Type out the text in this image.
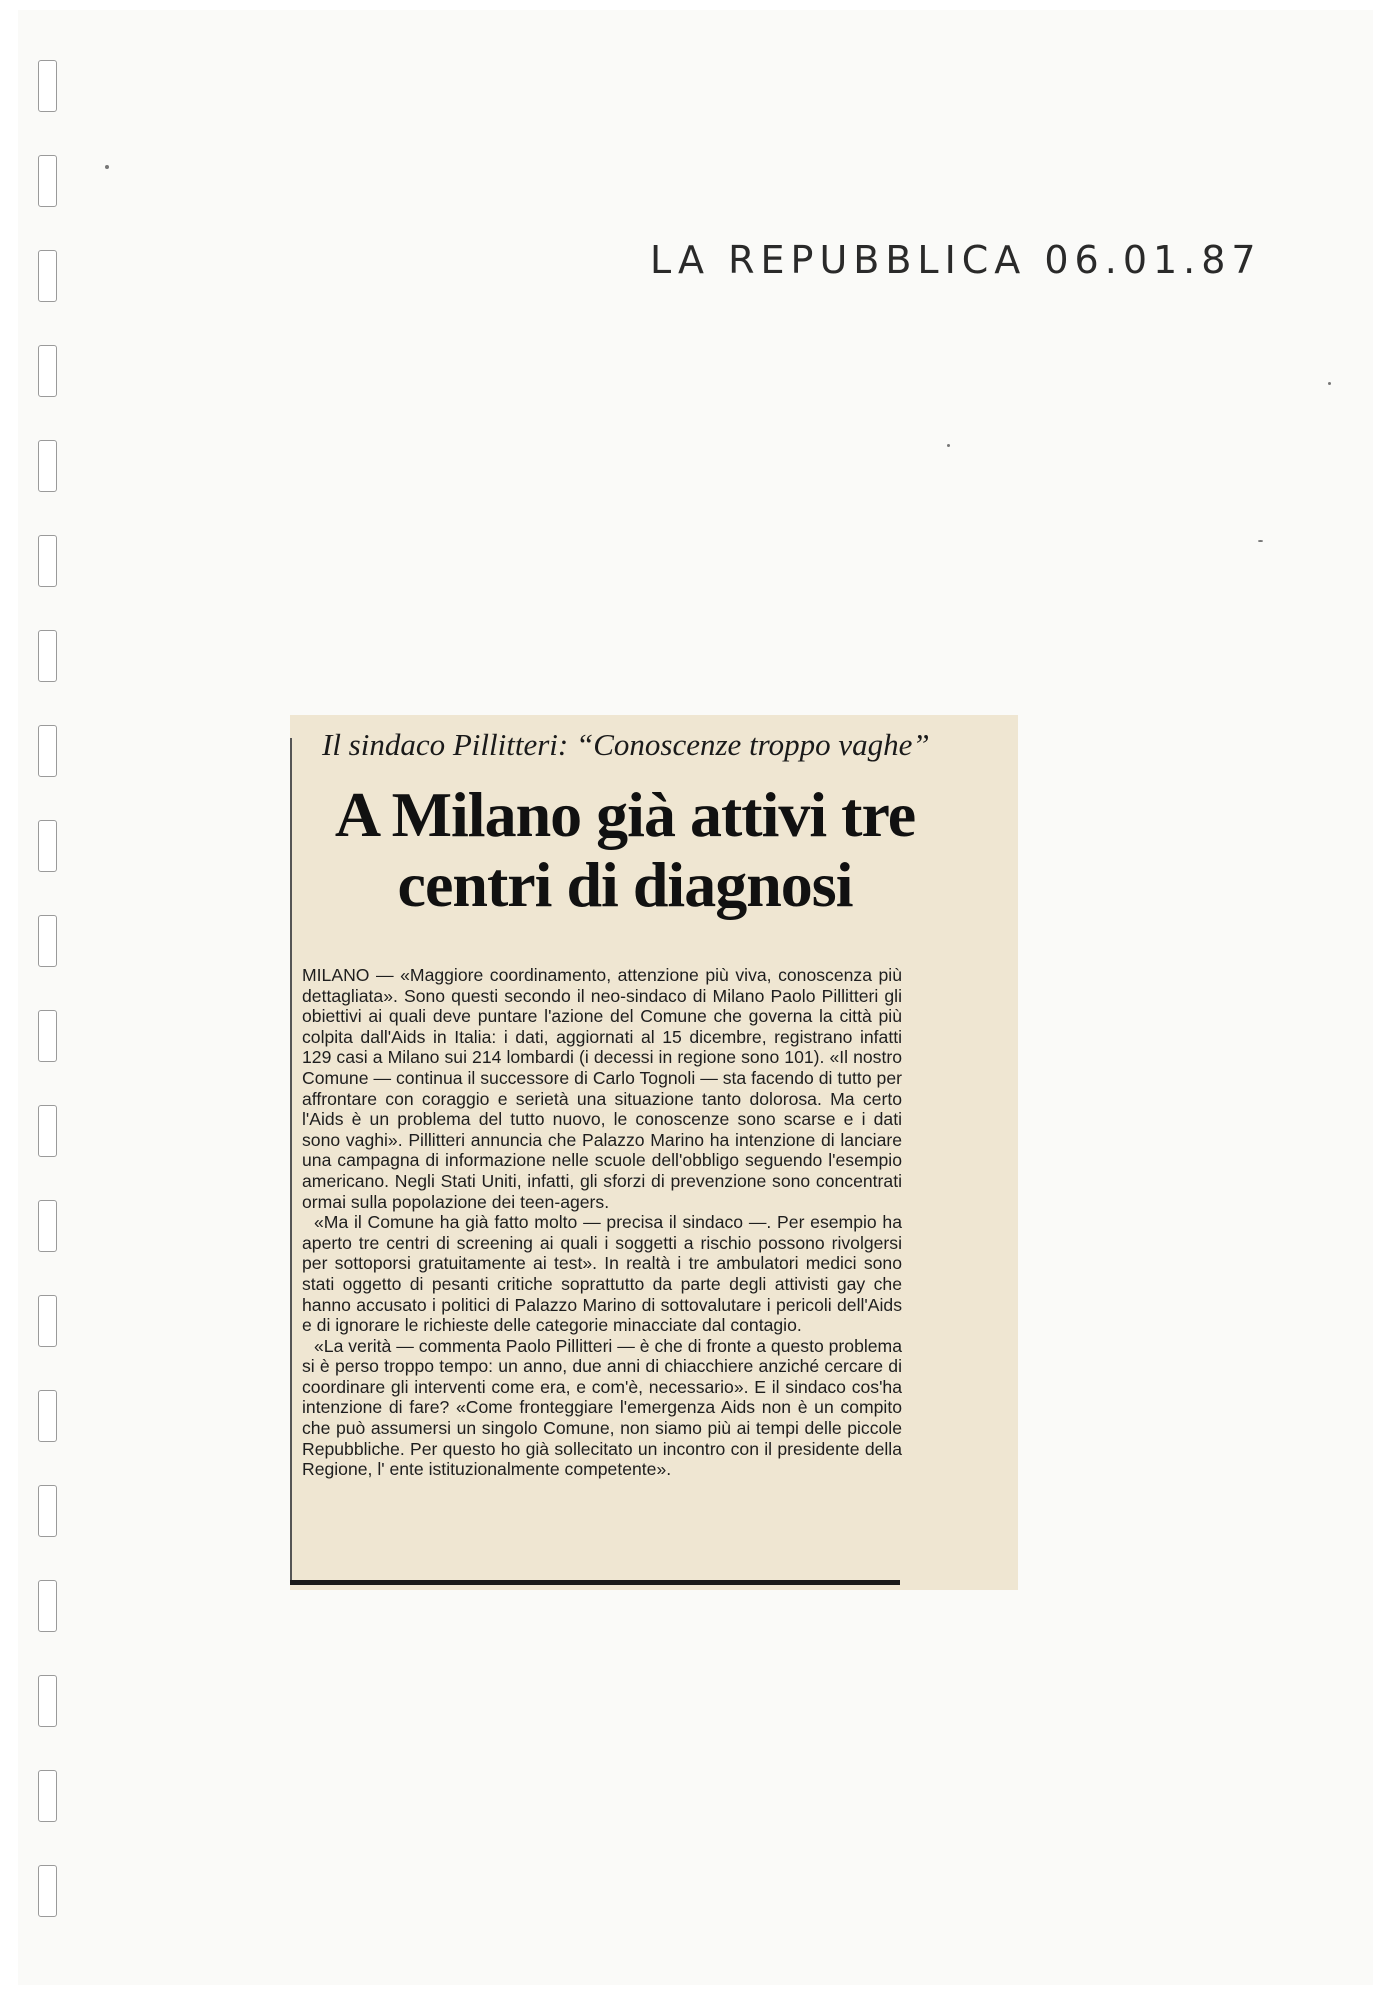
LA REPUBBLICA 06.01.87
Il sindaco Pillitteri: “Conoscenze troppo vaghe”
A Milano già attivi tre centri di diagnosi

MILANO — «Maggiore coordinamento, attenzione più viva, conoscenza più dettagliata». Sono questi secondo il neo-sindaco di Milano Paolo Pillitteri gli obiettivi ai quali deve puntare l'azione del Comune che governa la città più colpita dall'Aids in Italia: i dati, aggiornati al 15 dicembre, registrano infatti 129 casi a Milano sui 214 lombardi (i decessi in regione sono 101). «Il nostro Comune — continua il successore di Carlo Tognoli — sta facendo di tutto per affrontare con coraggio e serietà una situazione tanto dolorosa. Ma certo l'Aids è un problema del tutto nuovo, le conoscenze sono scarse e i dati sono vaghi». Pillitteri annuncia che Palazzo Marino ha intenzione di lanciare una campagna di informazione nelle scuole dell'obbligo seguendo l'esempio americano. Negli Stati Uniti, infatti, gli sforzi di prevenzione sono concentrati ormai sulla popolazione dei teen-agers.

«Ma il Comune ha già fatto molto — precisa il sindaco —. Per esempio ha aperto tre centri di screening ai quali i soggetti a rischio possono rivolgersi per sottoporsi gratuitamente ai test». In realtà i tre ambulatori medici sono stati oggetto di pesanti critiche soprattutto da parte degli attivisti gay che hanno accusato i politici di Palazzo Marino di sottovalutare i pericoli dell'Aids e di ignorare le richieste delle categorie minacciate dal contagio.

«La verità — commenta Paolo Pillitteri — è che di fronte a questo problema si è perso troppo tempo: un anno, due anni di chiacchiere anziché cercare di coordinare gli interventi come era, e com'è, necessario». E il sindaco cos'ha intenzione di fare? «Come fronteggiare l'emergenza Aids non è un compito che può assumersi un singolo Comune, non siamo più ai tempi delle piccole Repubbliche. Per questo ho già sollecitato un incontro con il presidente della Regione, l' ente istituzionalmente competente».
